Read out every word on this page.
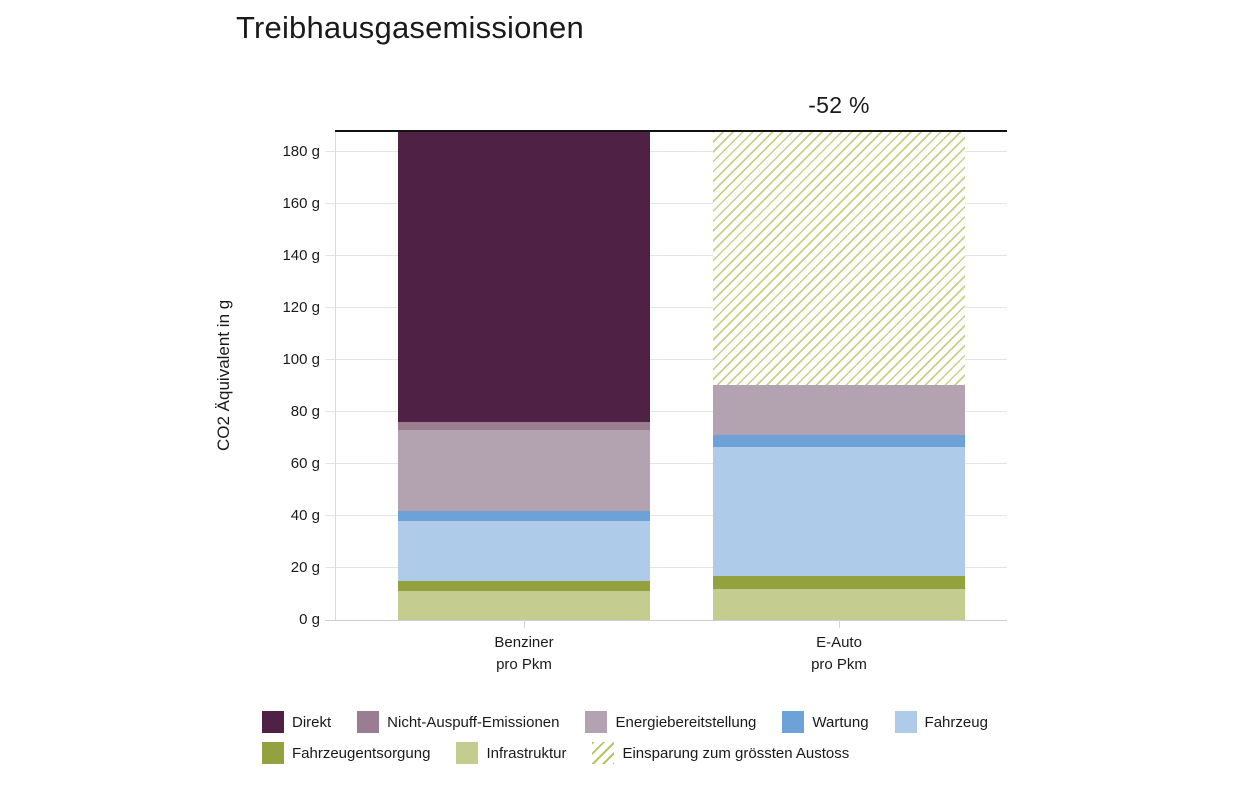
Treibhausgasemissionen
CO2 Äquivalent in g
Benziner
pro Pkm
E-Auto
pro Pkm
Direkt	Nicht-Auspuff-Emissionen	Energiebereitstellung	Wartung	Fahrzeug
Fahrzeugentsorgung	Infrastruktur	Einsparung zum grössten Austoss
0 g
20 g
40 g
60 g
80 g
100 g
120 g
140 g
160 g
180 g
-52 %
